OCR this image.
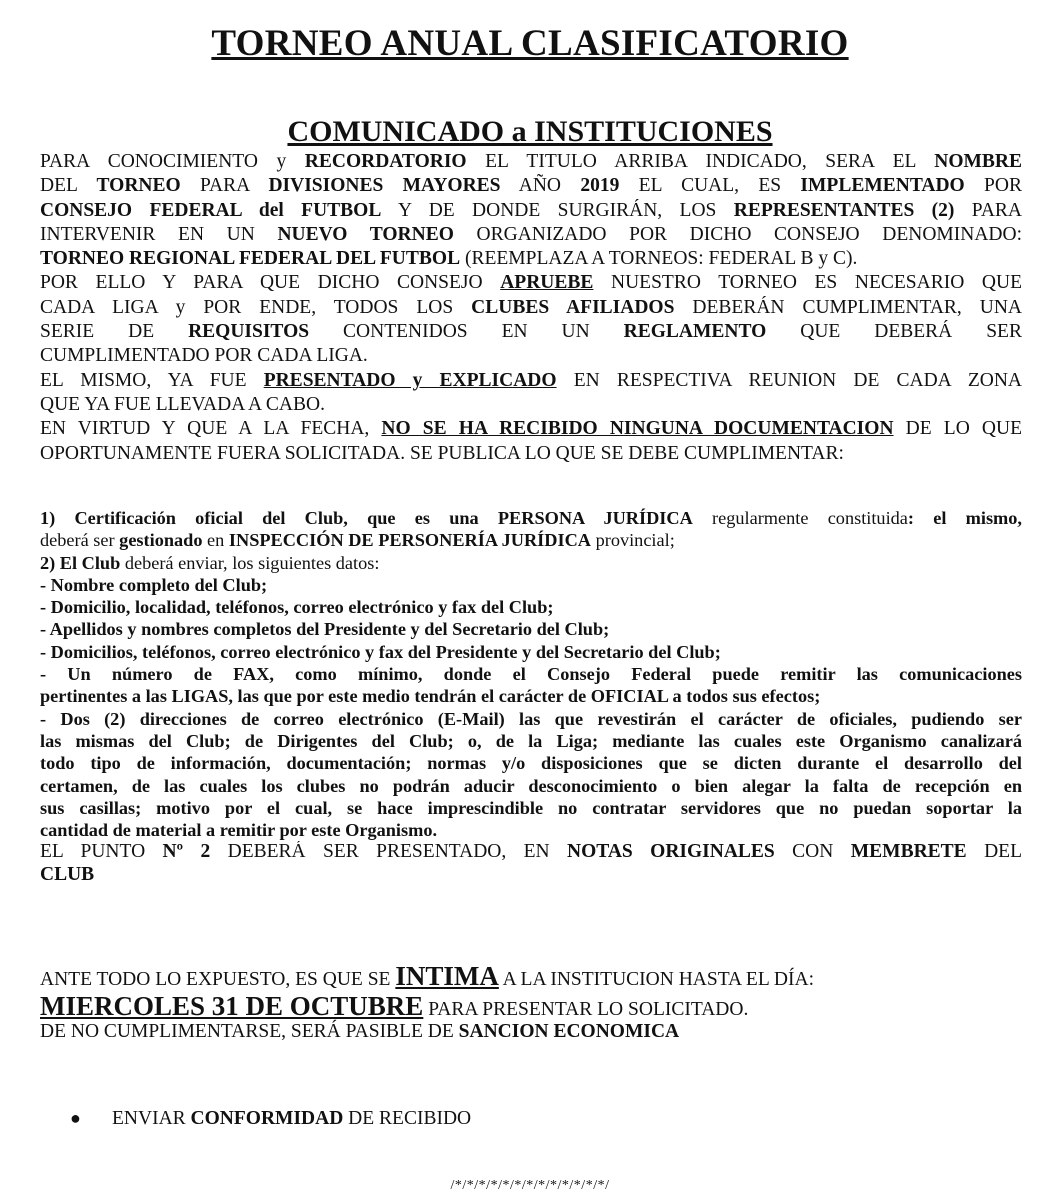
TORNEO ANUAL CLASIFICATORIO
COMUNICADO a INSTITUCIONES
PARA CONOCIMIENTO y RECORDATORIO EL TITULO ARRIBA INDICADO, SERA EL NOMBRE
DEL TORNEO PARA DIVISIONES MAYORES AÑO 2019 EL CUAL, ES IMPLEMENTADO POR
CONSEJO FEDERAL del FUTBOL Y DE DONDE SURGIRÁN, LOS REPRESENTANTES (2) PARA
INTERVENIR EN UN NUEVO TORNEO ORGANIZADO POR DICHO CONSEJO DENOMINADO:
TORNEO REGIONAL FEDERAL DEL FUTBOL (REEMPLAZA A TORNEOS: FEDERAL B y C).
POR ELLO Y PARA QUE DICHO CONSEJO APRUEBE NUESTRO TORNEO ES NECESARIO QUE
CADA LIGA y POR ENDE, TODOS LOS CLUBES AFILIADOS DEBERÁN CUMPLIMENTAR, UNA
SERIE DE REQUISITOS CONTENIDOS EN UN REGLAMENTO QUE DEBERÁ SER
CUMPLIMENTADO POR CADA LIGA.
EL MISMO, YA FUE PRESENTADO y EXPLICADO EN RESPECTIVA REUNION DE CADA ZONA
QUE YA FUE LLEVADA A CABO.
EN VIRTUD Y QUE A LA FECHA, NO SE HA RECIBIDO NINGUNA DOCUMENTACION DE LO QUE
OPORTUNAMENTE FUERA SOLICITADA. SE PUBLICA LO QUE SE DEBE CUMPLIMENTAR:
1) Certificación oficial del Club, que es una PERSONA JURÍDICA regularmente constituida: el mismo,
deberá ser gestionado en INSPECCIÓN DE PERSONERÍA JURÍDICA provincial;
2) El Club deberá enviar, los siguientes datos:
- Nombre completo del Club;
- Domicilio, localidad, teléfonos, correo electrónico y fax del Club;
- Apellidos y nombres completos del Presidente y del Secretario del Club;
- Domicilios, teléfonos, correo electrónico y fax del Presidente y del Secretario del Club;
- Un número de FAX, como mínimo, donde el Consejo Federal puede remitir las comunicaciones
pertinentes a las LIGAS, las que por este medio tendrán el carácter de OFICIAL a todos sus efectos;
- Dos (2) direcciones de correo electrónico (E-Mail) las que revestirán el carácter de oficiales, pudiendo ser
las mismas del Club; de Dirigentes del Club; o, de la Liga; mediante las cuales este Organismo canalizará
todo tipo de información, documentación; normas y/o disposiciones que se dicten durante el desarrollo del
certamen, de las cuales los clubes no podrán aducir desconocimiento o bien alegar la falta de recepción en
sus casillas; motivo por el cual, se hace imprescindible no contratar servidores que no puedan soportar la
cantidad de material a remitir por este Organismo.
EL PUNTO Nº 2 DEBERÁ SER PRESENTADO, EN NOTAS ORIGINALES CON MEMBRETE DEL
CLUB
ANTE TODO LO EXPUESTO, ES QUE SE INTIMA A LA INSTITUCION HASTA EL DÍA:
MIERCOLES 31 DE OCTUBRE PARA PRESENTAR LO SOLICITADO.
DE NO CUMPLIMENTARSE, SERÁ PASIBLE DE SANCION ECONOMICA
● ENVIAR CONFORMIDAD DE RECIBIDO
/*/*/*/*/*/*/*/*/*/*/*/*/*/
